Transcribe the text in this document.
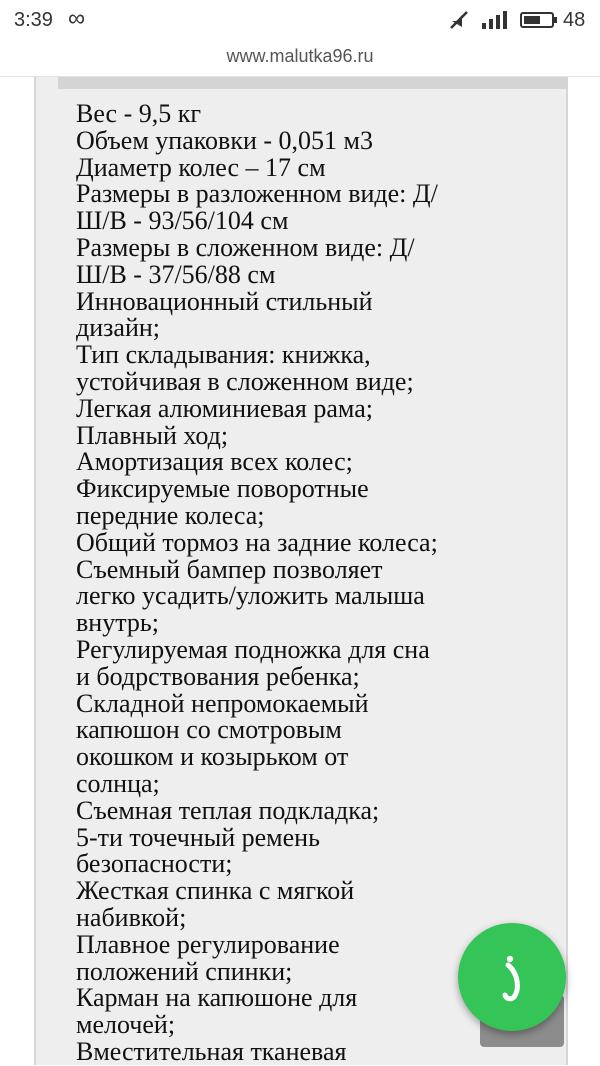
3:39 ∞	48
www.malutka96.ru
Вес - 9,5 кг
Объем упаковки - 0,051 м3
Диаметр колес – 17 см
Размеры в разложенном виде: Д/
Ш/В - 93/56/104 см
Размеры в сложенном виде: Д/
Ш/В - 37/56/88 см
Инновационный стильный
дизайн;
Тип складывания: книжка,
устойчивая в сложенном виде;
Легкая алюминиевая рама;
Плавный ход;
Амортизация всех колес;
Фиксируемые поворотные
передние колеса;
Общий тормоз на задние колеса;
Съемный бампер позволяет
легко усадить/уложить малыша
внутрь;
Регулируемая подножка для сна
и бодрствования ребенка;
Складной непромокаемый
капюшон со смотровым
окошком и козырьком от
солнца;
Съемная теплая подкладка;
5-ти точечный ремень
безопасности;
Жесткая спинка с мягкой
набивкой;
Плавное регулирование
положений спинки;
Карман на капюшоне для
мелочей;
Вместительная тканевая
